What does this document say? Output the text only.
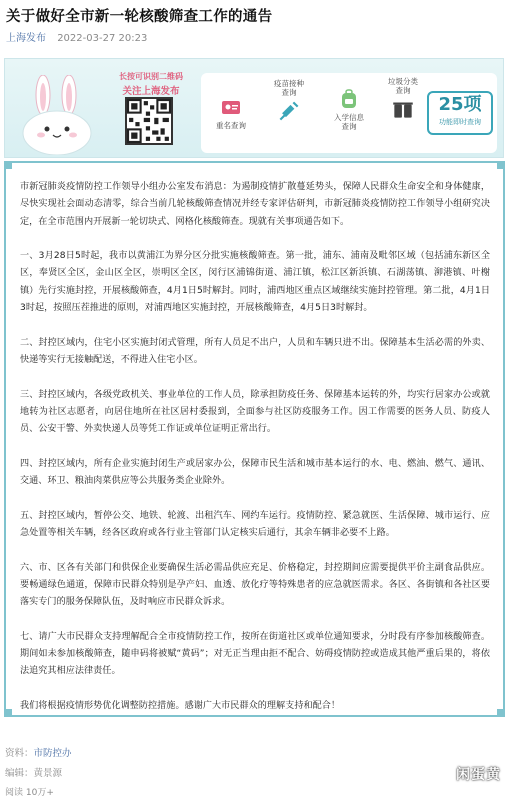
关于做好全市新一轮核酸筛查工作的通告
上海发布 2022-03-27 20:23
长按可识别二维码
关注上海发布
重名查询
疫苗接种查询
入学信息查询
垃圾分类查询
25项
功能即时查询

市新冠肺炎疫情防控工作领导小组办公室发布消息：为遏制疫情扩散蔓延势头，保障人民群众生命安全和身体健康，尽快实现社会面动态清零，综合当前几轮核酸筛查情况并经专家评估研判，市新冠肺炎疫情防控工作领导小组研究决定，在全市范围内开展新一轮切块式、网格化核酸筛查。现就有关事项通告如下。

一、3月28日5时起，我市以黄浦江为界分区分批实施核酸筛查。第一批，浦东、浦南及毗邻区域（包括浦东新区全区，奉贤区全区，金山区全区，崇明区全区，闵行区浦锦街道、浦江镇，松江区新浜镇、石湖荡镇、泖港镇、叶榭镇）先行实施封控，开展核酸筛查，4月1日5时解封。同时，浦西地区重点区域继续实施封控管理。第二批，4月1日3时起，按照压茬推进的原则，对浦西地区实施封控，开展核酸筛查，4月5日3时解封。

二、封控区域内，住宅小区实施封闭式管理，所有人员足不出户，人员和车辆只进不出。保障基本生活必需的外卖、快递等实行无接触配送，不得进入住宅小区。

三、封控区域内，各级党政机关、事业单位的工作人员，除承担防疫任务、保障基本运转的外，均实行居家办公或就地转为社区志愿者，向居住地所在社区居村委报到，全面参与社区防疫服务工作。因工作需要的医务人员、防疫人员、公安干警、外卖快递人员等凭工作证或单位证明正常出行。

四、封控区域内，所有企业实施封闭生产或居家办公，保障市民生活和城市基本运行的水、电、燃油、燃气、通讯、交通、环卫、粮油肉菜供应等公共服务类企业除外。

五、封控区域内，暂停公交、地铁、轮渡、出租汽车、网约车运行。疫情防控、紧急就医、生活保障、城市运行、应急处置等相关车辆，经各区政府或各行业主管部门认定核实后通行，其余车辆非必要不上路。

六、市、区各有关部门和供保企业要确保生活必需品供应充足、价格稳定，封控期间应需要提供平价主副食品供应。要畅通绿色通道，保障市民群众特别是孕产妇、血透、放化疗等特殊患者的应急就医需求。各区、各街镇和各社区要落实专门的服务保障队伍，及时响应市民群众诉求。

七、请广大市民群众支持理解配合全市疫情防控工作，按所在街道社区或单位通知要求，分时段有序参加核酸筛查。期间如未参加核酸筛查，随申码将被赋“黄码”；对无正当理由拒不配合、妨碍疫情防控或造成其他严重后果的，将依法追究其相应法律责任。

我们将根据疫情形势优化调整防控措施。感谢广大市民群众的理解支持和配合！

资料：市防控办
编辑：黄景源
阅读 10万+
闲蛋黄
